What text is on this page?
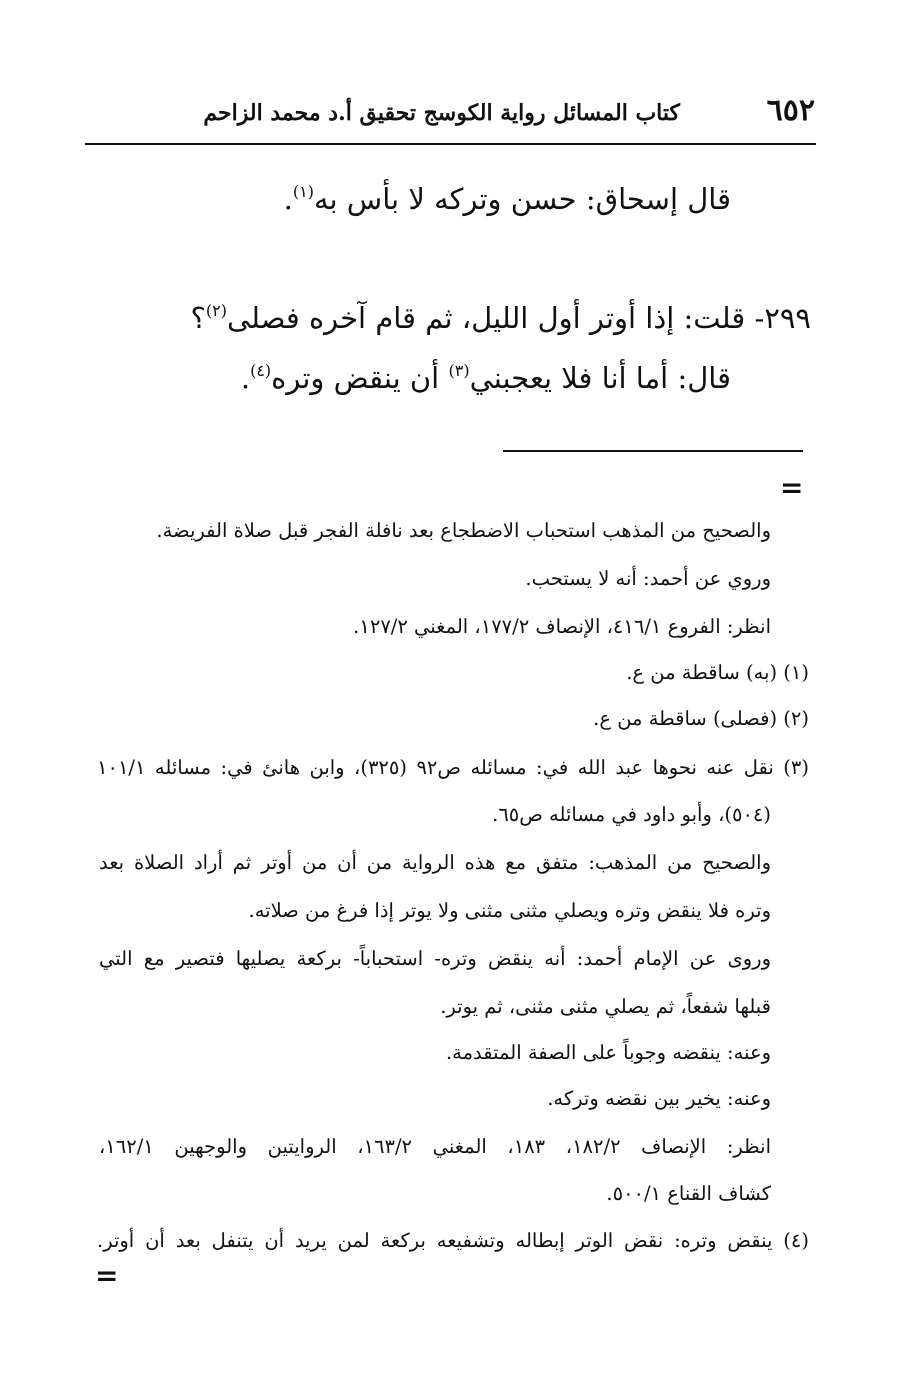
٦٥٢
كتاب المسائل رواية الكوسج تحقيق أ.د محمد الزاحم
قال إسحاق: حسن وتركه لا بأس به$^{(١)}$.
٢٩٩- قلت: إذا أوتر أول الليل، ثم قام آخره فصلى$^{(٢)}$؟
قال: أما أنا فلا يعجبني$^{(٣)}$ أن ينقض وتره$^{(٤)}$.
=
والصحيح من المذهب استحباب الاضطجاع بعد نافلة الفجر قبل صلاة الفريضة.
وروي عن أحمد: أنه لا يستحب.
انظر: الفروع ٤١٦/١، الإنصاف ١٧٧/٢، المغني ١٢٧/٢.
(١) (به) ساقطة من ع.
(٢) (فصلى) ساقطة من ع.
(٣) نقل عنه نحوها عبد الله في: مسائله ص٩٢ (٣٢٥)، وابن هانئ في: مسائله ١٠١/١
(٥٠٤)، وأبو داود في مسائله ص٦٥.
والصحيح من المذهب: متفق مع هذه الرواية من أن من أوتر ثم أراد الصلاة بعد
وتره فلا ينقض وتره ويصلي مثنى مثنى ولا يوتر إذا فرغ من صلاته.
وروى عن الإمام أحمد: أنه ينقض وتره- استحباباً- بركعة يصليها فتصير مع التي
قبلها شفعاً، ثم يصلي مثنى مثنى، ثم يوتر.
وعنه: ينقضه وجوباً على الصفة المتقدمة.
وعنه: يخير بين نقضه وتركه.
انظر: الإنصاف ١٨٢/٢، ١٨٣، المغني ١٦٣/٢، الروايتين والوجهين ١٦٢/١،
كشاف القناع ٥٠٠/١.
(٤) ينقض وتره: نقض الوتر إبطاله وتشفيعه بركعة لمن يريد أن يتنفل بعد أن أوتر.
=
